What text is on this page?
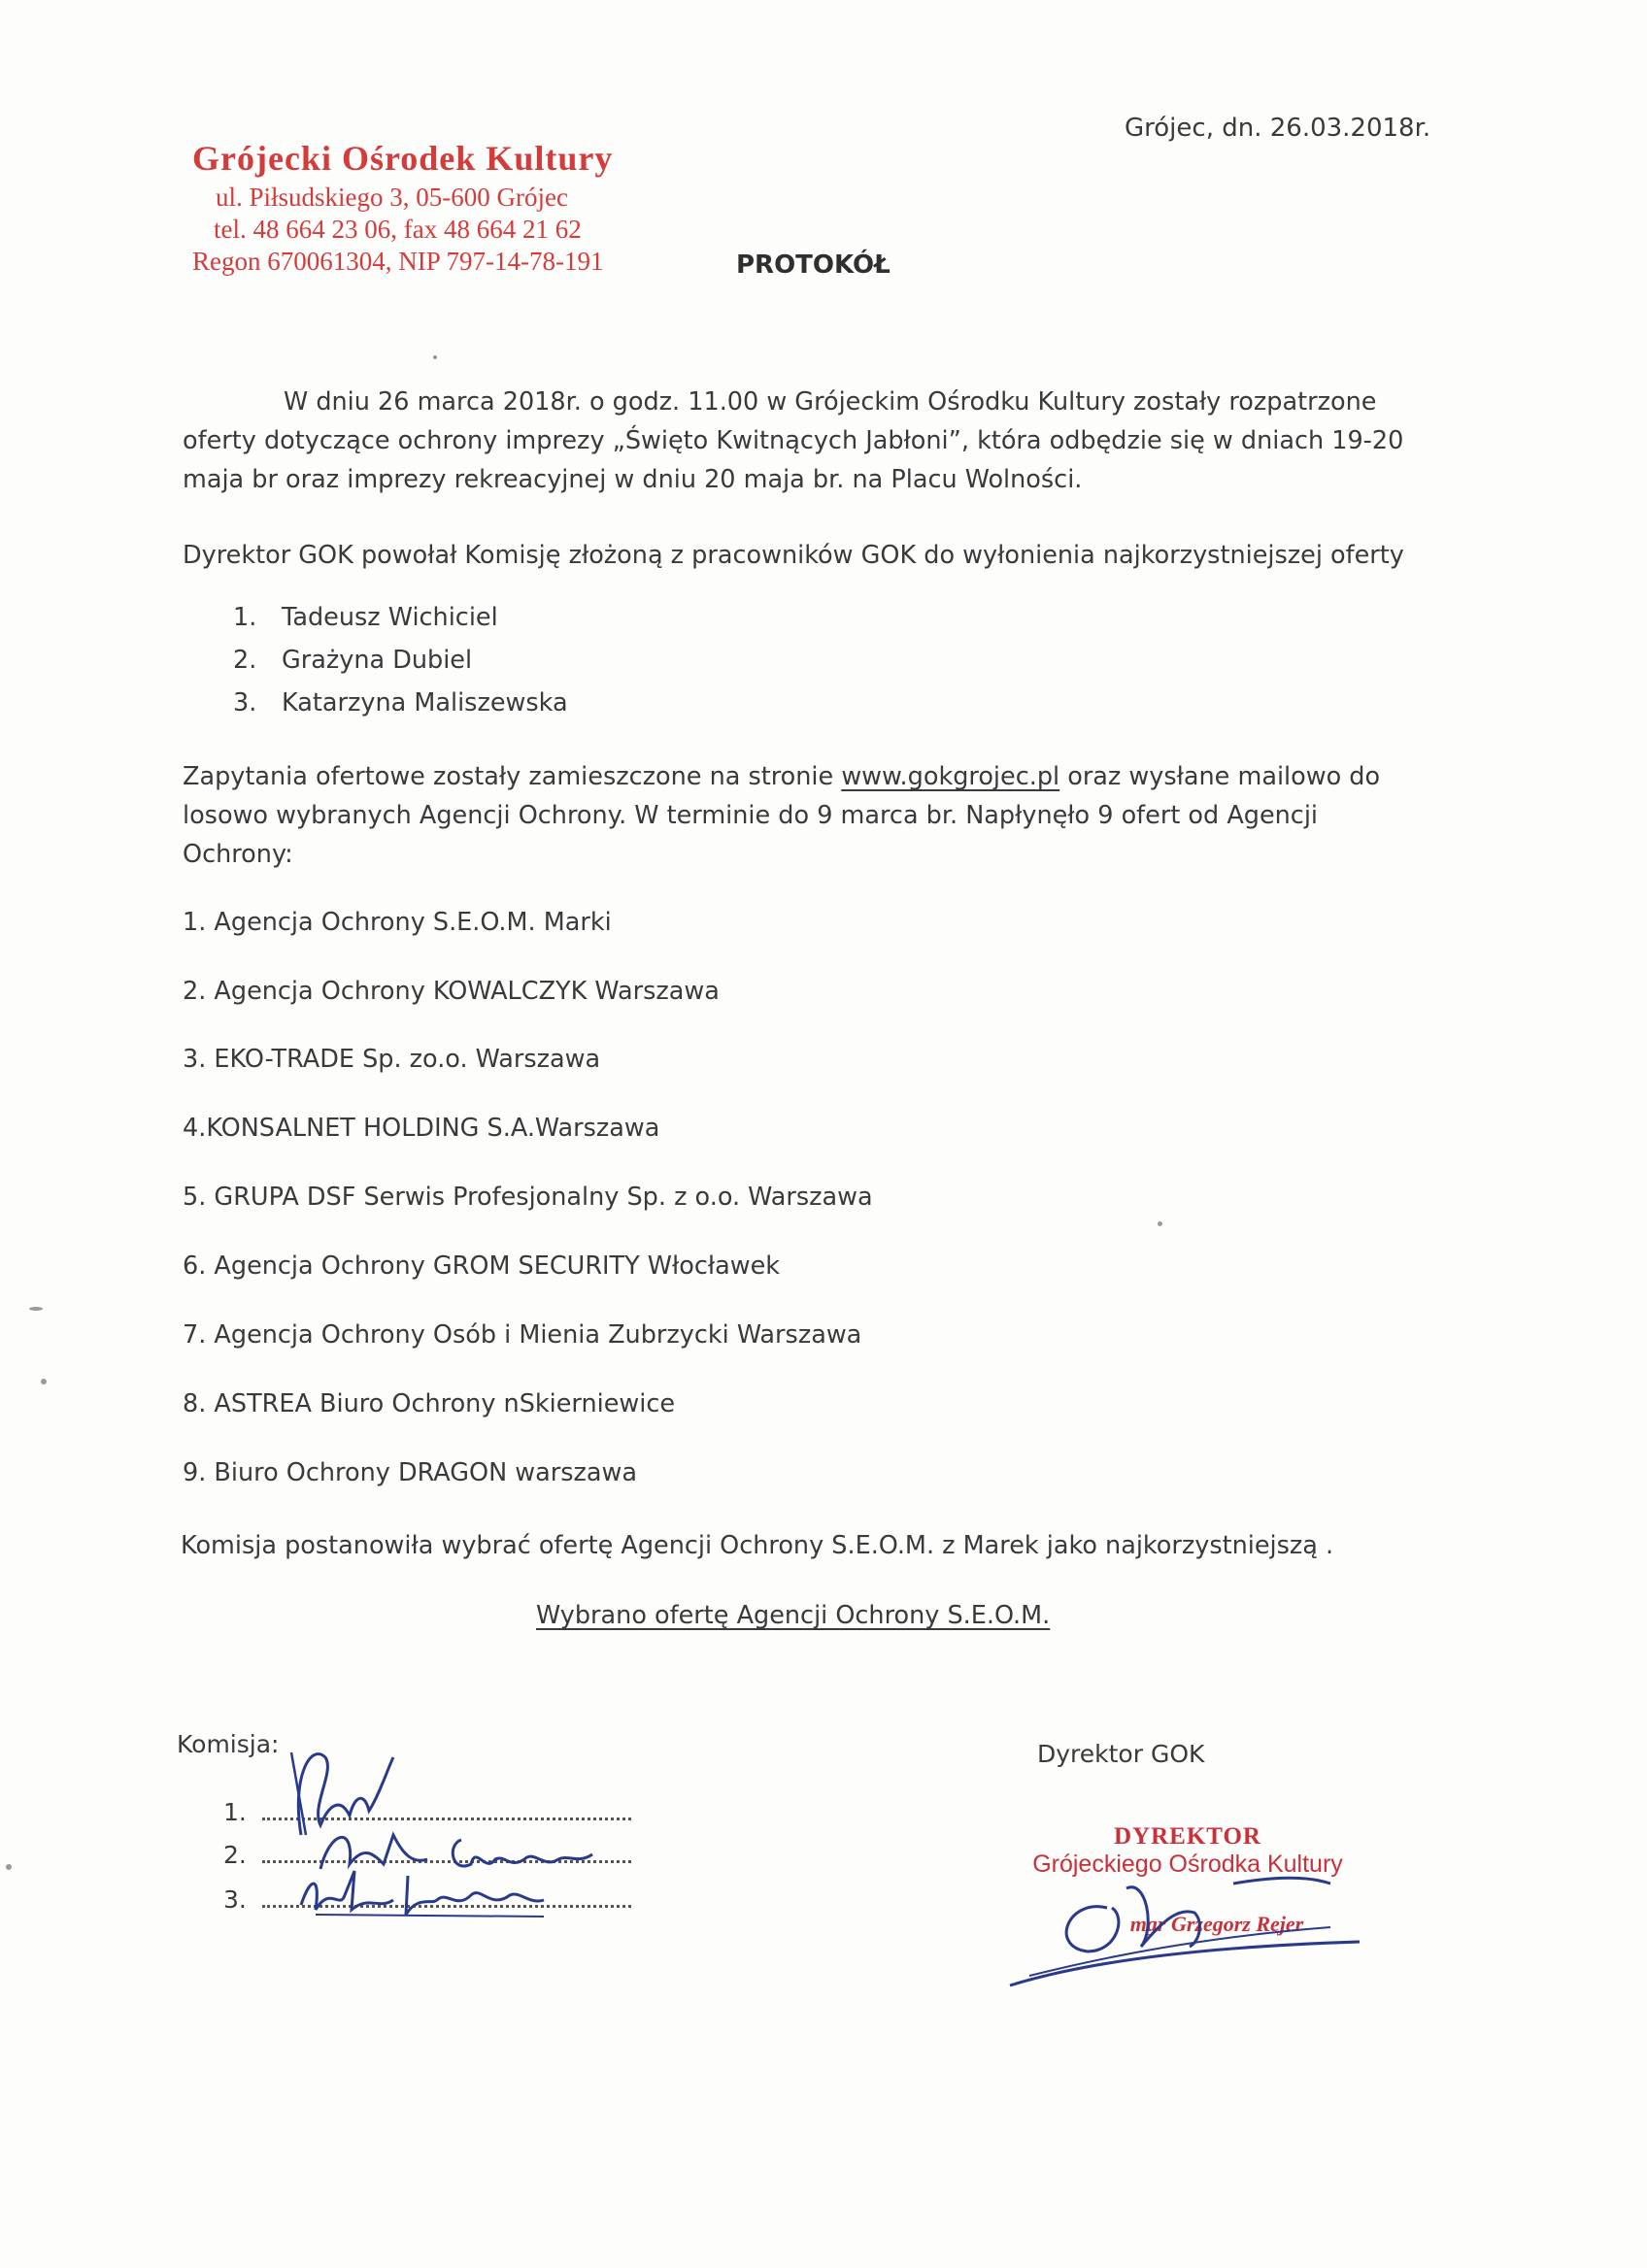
Grójecki Ośrodek Kultury
ul. Piłsudskiego 3, 05-600 Grójec
tel. 48 664 23 06, fax 48 664 21 62
Regon 670061304, NIP 797-14-78-191
Grójec, dn. 26.03.2018r.
PROTOKÓŁ
W dniu 26 marca 2018r. o godz. 11.00 w Grójeckim Ośrodku Kultury zostały rozpatrzone
oferty dotyczące ochrony imprezy „Święto Kwitnących Jabłoni”, która odbędzie się w dniach 19-20
maja br oraz imprezy rekreacyjnej w dniu 20 maja br. na Placu Wolności.
Dyrektor GOK powołał Komisję złożoną z pracowników GOK do wyłonienia najkorzystniejszej oferty
1. Tadeusz Wichiciel
2. Grażyna Dubiel
3. Katarzyna Maliszewska
Zapytania ofertowe zostały zamieszczone na stronie www.gokgrojec.pl oraz wysłane mailowo do
losowo wybranych Agencji Ochrony. W terminie do 9 marca br. Napłynęło 9 ofert od Agencji
Ochrony:
1. Agencja Ochrony S.E.O.M. Marki
2. Agencja Ochrony KOWALCZYK Warszawa
3. EKO-TRADE Sp. zo.o. Warszawa
4.KONSALNET HOLDING S.A.Warszawa
5. GRUPA DSF Serwis Profesjonalny Sp. z o.o. Warszawa
6. Agencja Ochrony GROM SECURITY Włocławek
7. Agencja Ochrony Osób i Mienia Zubrzycki Warszawa
8. ASTREA Biuro Ochrony nSkierniewice
9. Biuro Ochrony DRAGON warszawa
Komisja postanowiła wybrać ofertę Agencji Ochrony S.E.O.M. z Marek jako najkorzystniejszą .
Wybrano ofertę Agencji Ochrony S.E.O.M.
Komisja:
1.
2.
3.
Dyrektor GOK
DYREKTOR
Grójeckiego Ośrodka Kultury
mgr Grzegorz Rejer
